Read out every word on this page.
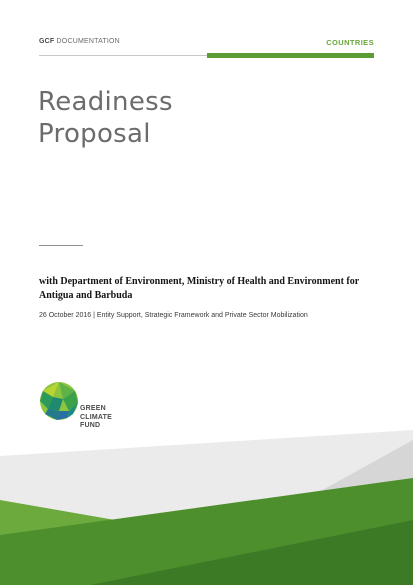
GCF DOCUMENTATION	COUNTRIES
Readiness
Proposal
with Department of Environment, Ministry of Health and Environment for Antigua and Barbuda
26 October 2016 | Entity Support, Strategic Framework and Private Sector Mobilization
GREEN
CLIMATE
FUND
